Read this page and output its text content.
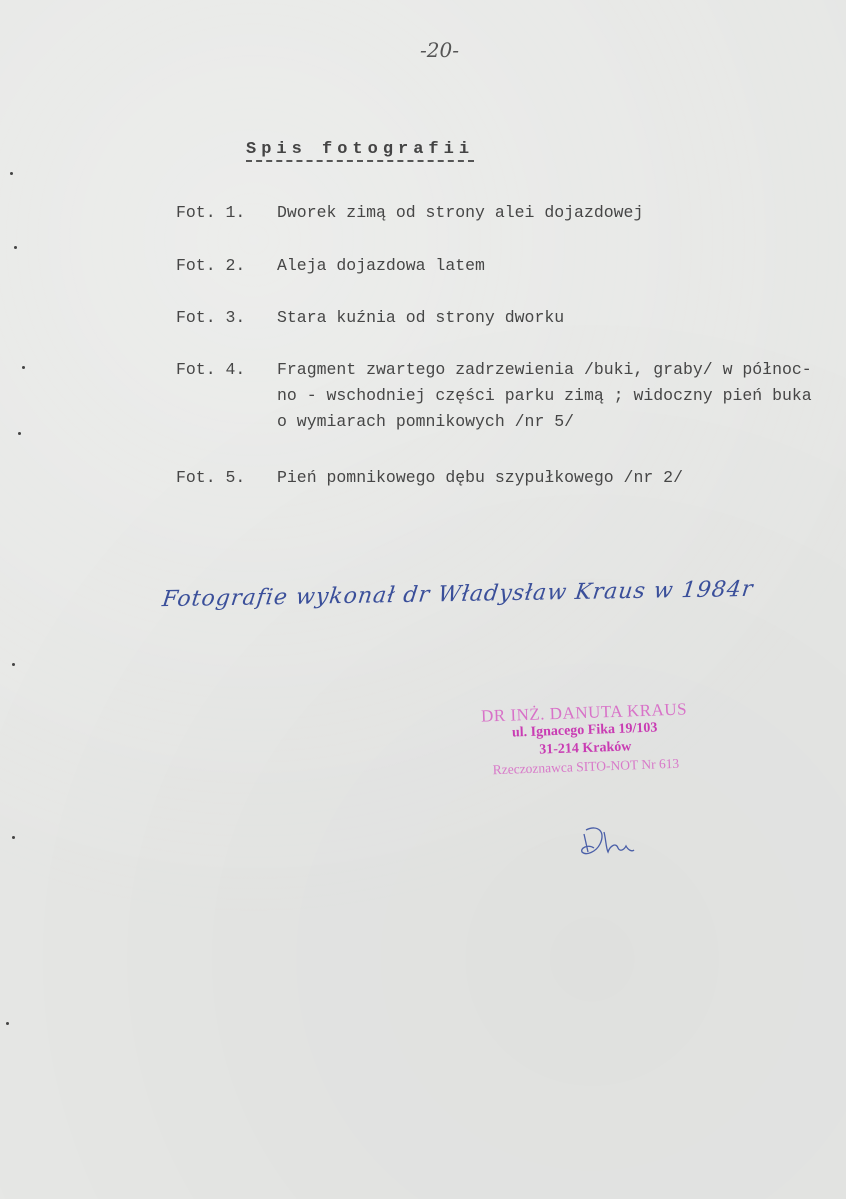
-20-
Spis fotografii
Fot. 1.	Dworek zimą od strony alei dojazdowej
Fot. 2.	Aleja dojazdowa latem
Fot. 3.	Stara kuźnia od strony dworku
Fot. 4.	Fragment zwartego zadrzewienia /buki, graby/ w północ-
no - wschodniej części parku zimą ; widoczny pień buka
o wymiarach pomnikowych /nr 5/
Fot. 5.	Pień pomnikowego dębu szypułkowego /nr 2/
Fotografie wykonał dr Władysław Kraus w 1984r
DR INŻ. DANUTA KRAUS
ul. Ignacego Fika 19/103
31-214 Kraków
Rzeczoznawca SITO-NOT Nr 613
